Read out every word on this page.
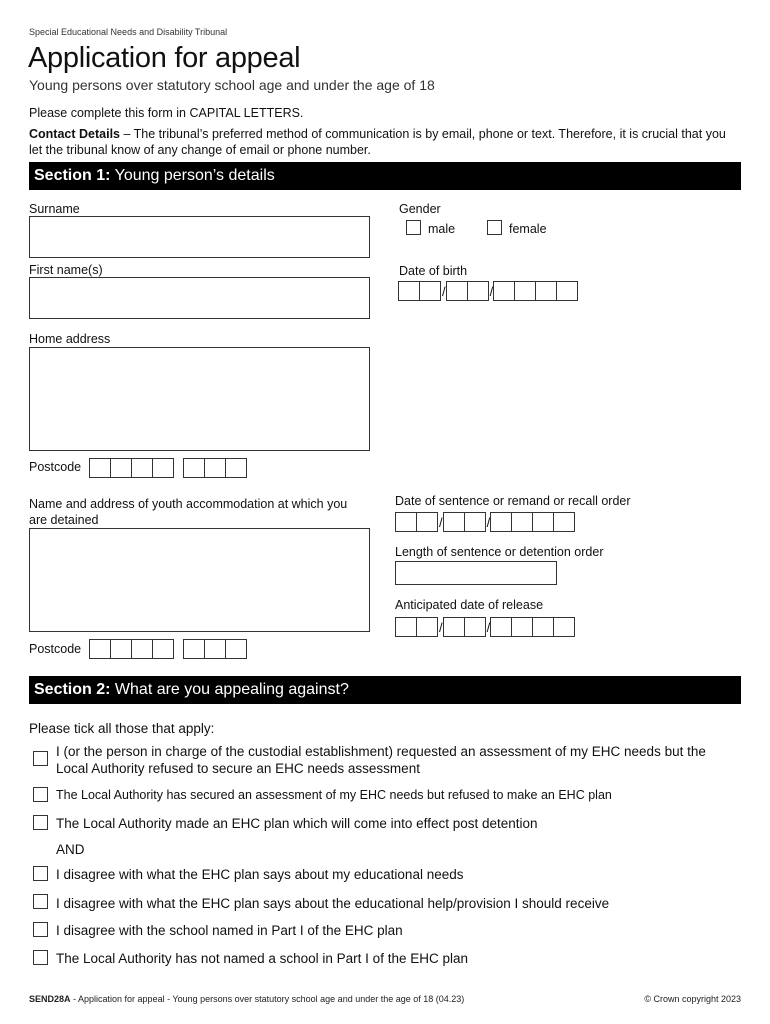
Special Educational Needs and Disability Tribunal
Application for appeal
Young persons over statutory school age and under the age of 18
Please complete this form in CAPITAL LETTERS.
Contact Details – The tribunal’s preferred method of communication is by email, phone or text. Therefore, it is crucial that you let the tribunal know of any change of email or phone number.
Section 1: Young person’s details
Surname	Gender
male	female
First name(s)	Date of birth
/	/
Home address
Postcode
Name and address of youth accommodation at which you are detained
Date of sentence or remand or recall order
/	/
Length of sentence or detention order
Anticipated date of release
/	/
Postcode
Section 2: What are you appealing against?
Please tick all those that apply:
I (or the person in charge of the custodial establishment) requested an assessment of my EHC needs but the Local Authority refused to secure an EHC needs assessment
The Local Authority has secured an assessment of my EHC needs but refused to make an EHC plan
The Local Authority made an EHC plan which will come into effect post detention
AND
I disagree with what the EHC plan says about my educational needs
I disagree with what the EHC plan says about the educational help/provision I should receive
I disagree with the school named in Part I of the EHC plan
The Local Authority has not named a school in Part I of the EHC plan
SEND28A - Application for appeal - Young persons over statutory school age and under the age of 18 (04.23)	© Crown copyright 2023
